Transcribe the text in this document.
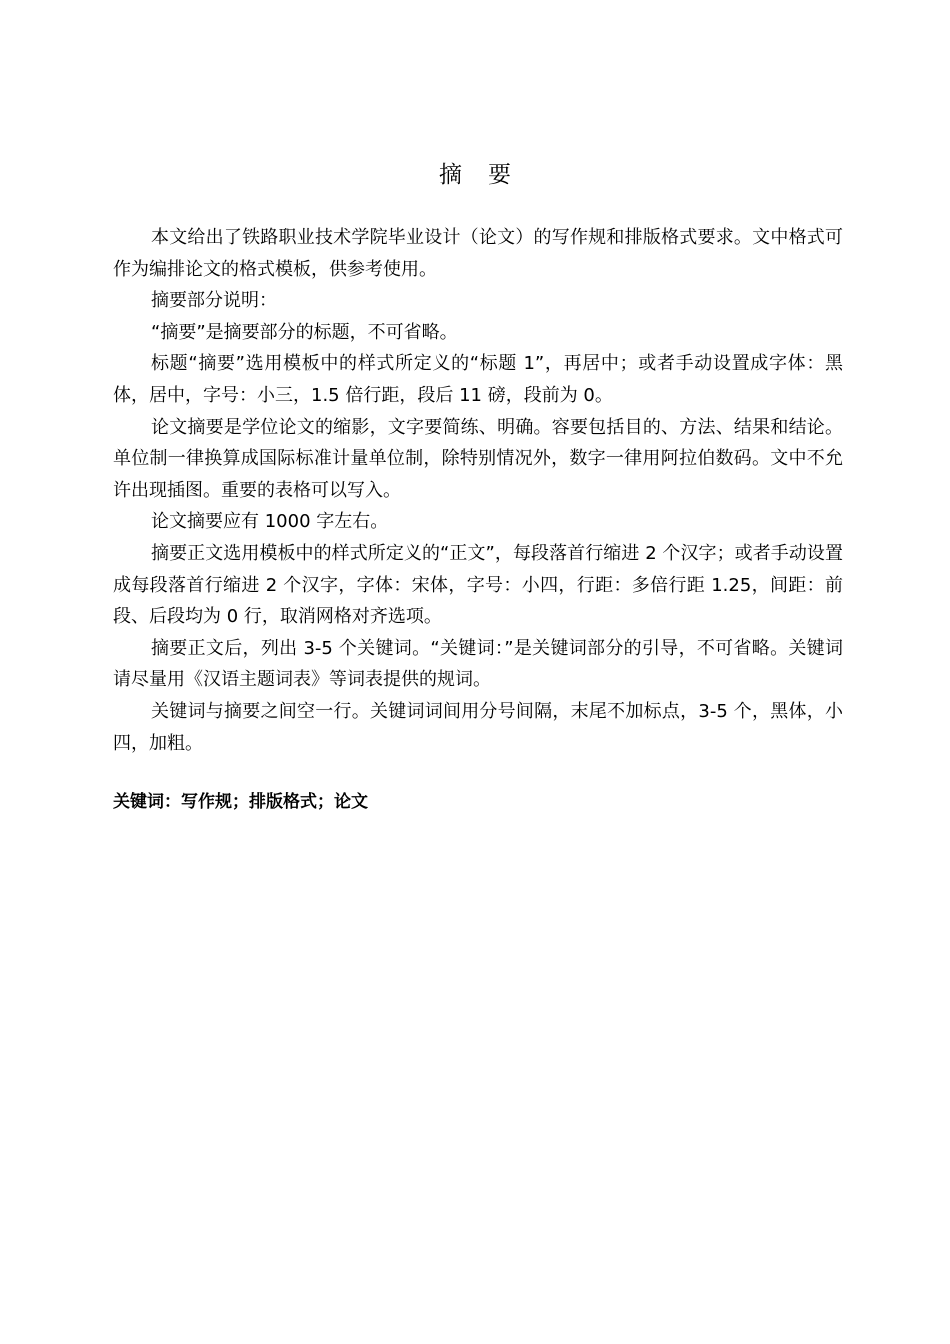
摘 要

本文给出了铁路职业技术学院毕业设计（论文）的写作规和排版格式要求。文中格式可作为编排论文的格式模板，供参考使用。

摘要部分说明：

“摘要”是摘要部分的标题，不可省略。

标题“摘要”选用模板中的样式所定义的“标题 1”，再居中；或者手动设置成字体：黑体，居中，字号：小三，1.5 倍行距，段后 11 磅，段前为 0。

论文摘要是学位论文的缩影，文字要简练、明确。容要包括目的、方法、结果和结论。单位制一律换算成国际标准计量单位制，除特别情况外，数字一律用阿拉伯数码。文中不允许出现插图。重要的表格可以写入。

论文摘要应有 1000 字左右。

摘要正文选用模板中的样式所定义的“正文”，每段落首行缩进 2 个汉字；或者手动设置成每段落首行缩进 2 个汉字，字体：宋体，字号：小四，行距：多倍行距 1.25，间距：前段、后段均为 0 行，取消网格对齐选项。

摘要正文后，列出 3-5 个关键词。“关键词：”是关键词部分的引导，不可省略。关键词请尽量用《汉语主题词表》等词表提供的规词。

关键词与摘要之间空一行。关键词词间用分号间隔，末尾不加标点，3-5 个，黑体，小四，加粗。

关键词：写作规；排版格式；论文
